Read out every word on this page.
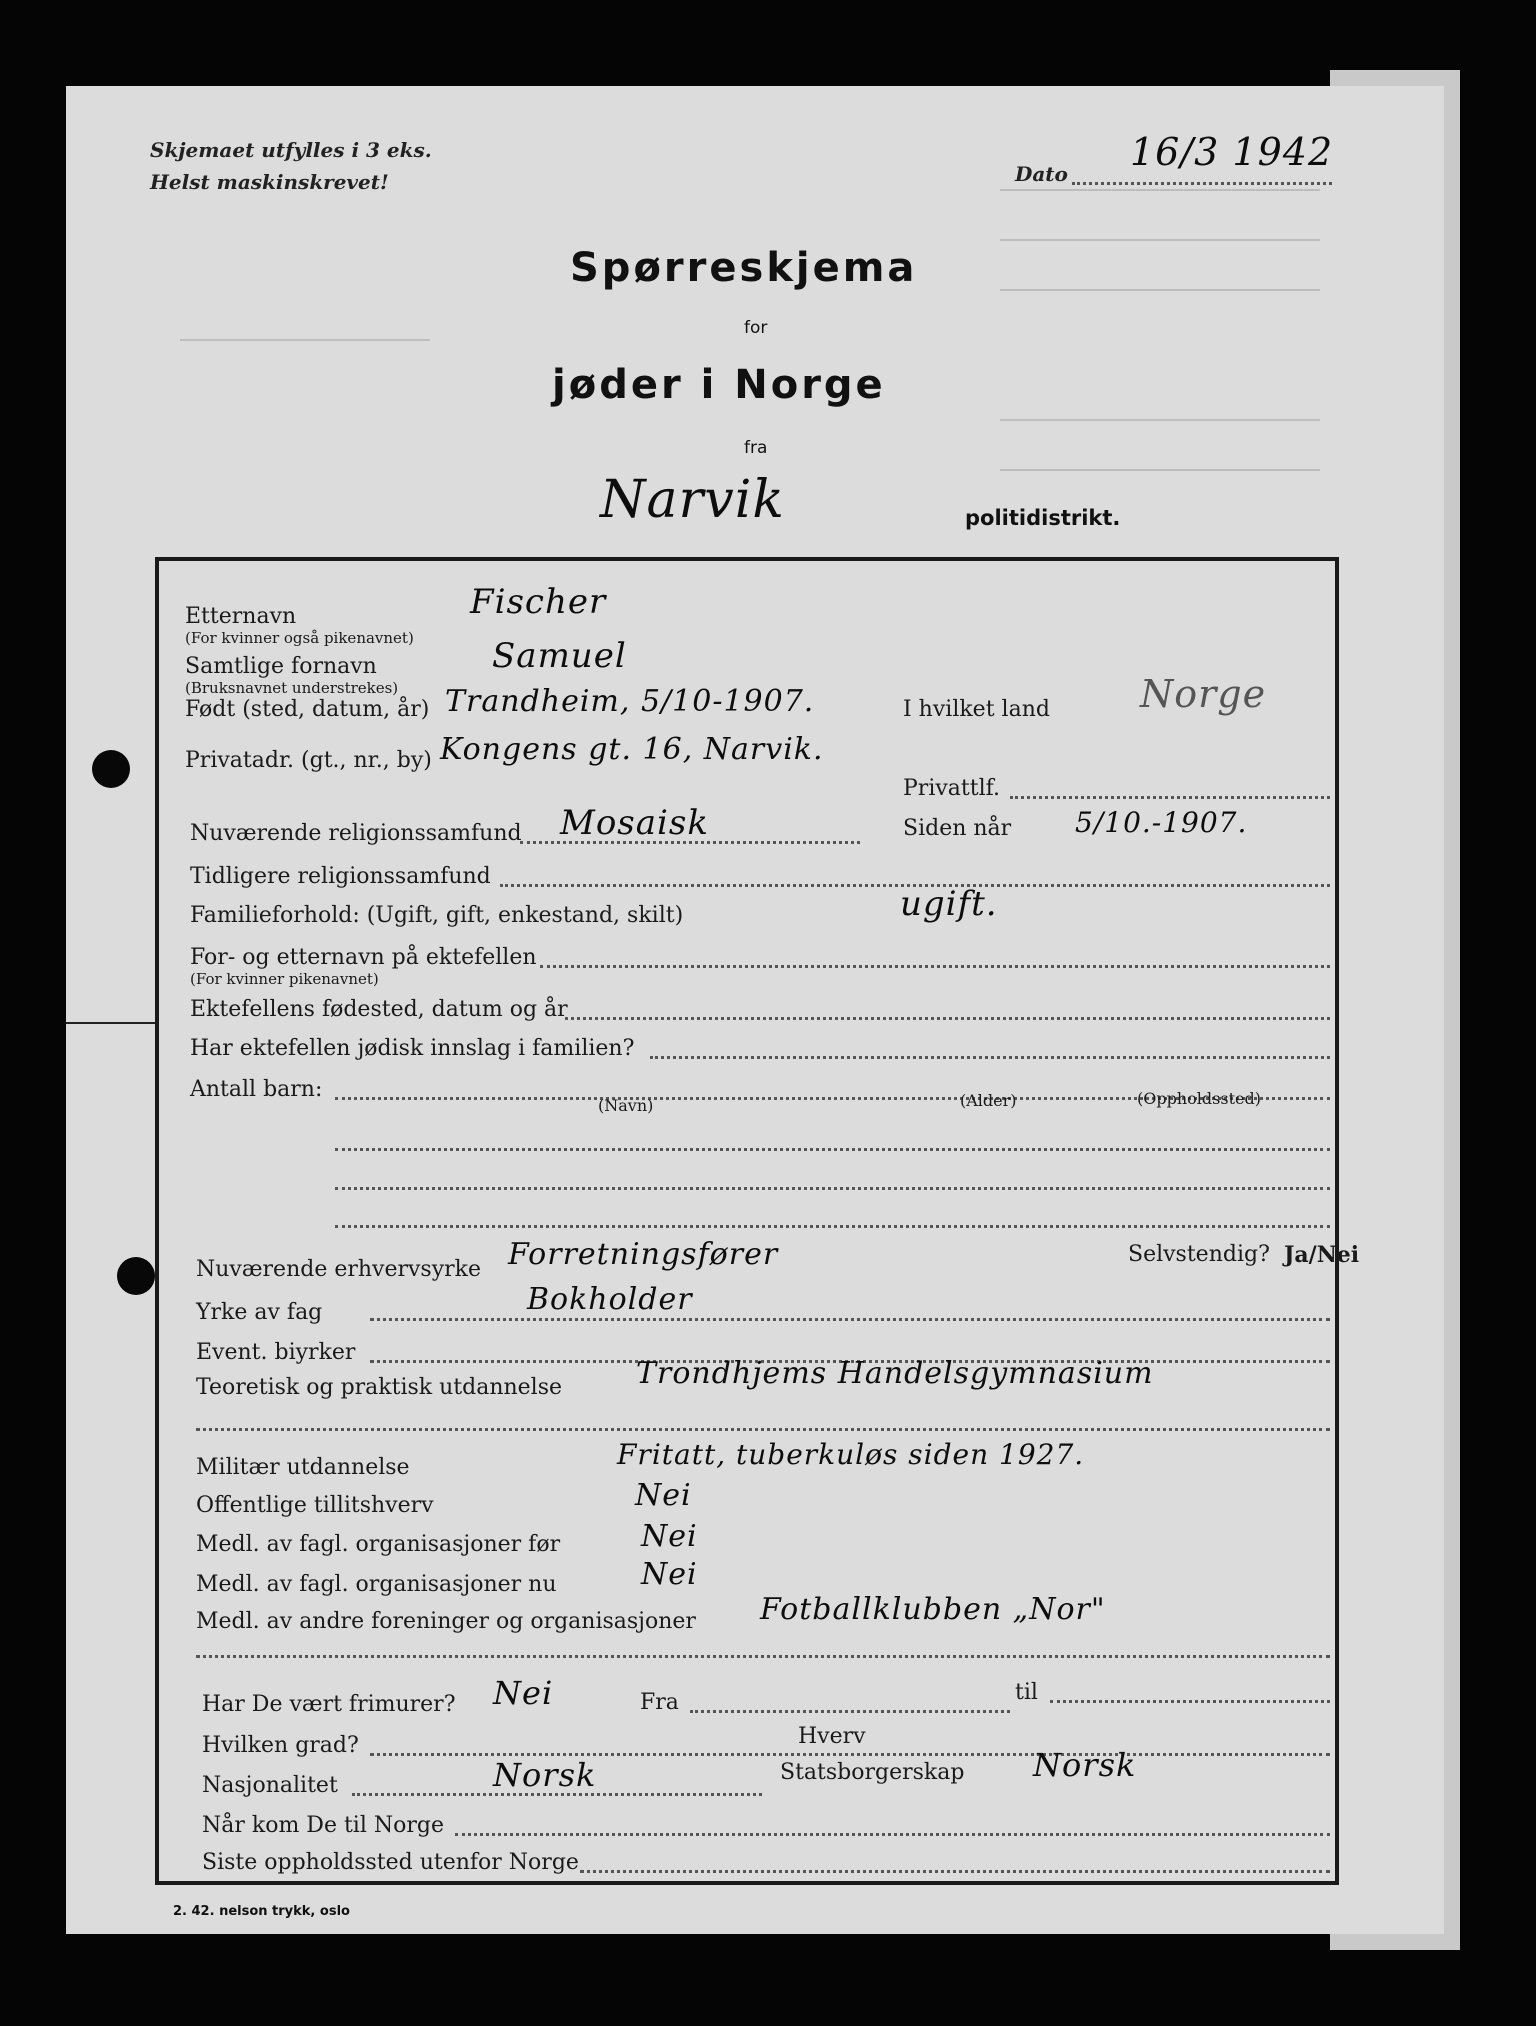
Skjemaet utfylles i 3 eks.
Helst maskinskrevet!	Dato 16/3 1942
Spørreskjema
for
jøder i Norge
fra
Narvik	politidistrikt.
Etternavn
(For kvinner også pikenavnet)
Fischer
Samtlige fornavn
(Bruksnavnet understrekes)
Samuel
Født (sted, datum, år) Trandheim, 5/10-1907.	I hvilket land Norge
Privatadr. (gt., nr., by) Kongens gt. 16, Narvik.
Privattlf.
Nuværende religionssamfund Mosaisk	Siden når 5/10.-1907.
Tidligere religionssamfund
Familieforhold: (Ugift, gift, enkestand, skilt)	ugift.
For- og etternavn på ektefellen
(For kvinner pikenavnet)
Ektefellens fødested, datum og år
Har ektefellen jødisk innslag i familien?
Antall barn:
(Navn)	(Alder)	(Oppholdssted)
Nuværende erhvervsyrke Forretningsfører	Selvstendig? Ja/Nei
Yrke av fag	Bokholder
Event. biyrker
Teoretisk og praktisk utdannelse Trondhjems Handelsgymnasium
Militær utdannelse	Fritatt, tuberkuløs siden 1927.
Offentlige tillitshverv	Nei
Medl. av fagl. organisasjoner før	Nei
Medl. av fagl. organisasjoner nu	Nei
Medl. av andre foreninger og organisasjoner Fotballklubben „Nor"
Har De vært frimurer? Nei	Fra	til
Hvilken grad?	Hverv
Nasjonalitet	Norsk	Statsborgerskap Norsk
Når kom De til Norge
Siste oppholdssted utenfor Norge
2. 42. nelson trykk, oslo
